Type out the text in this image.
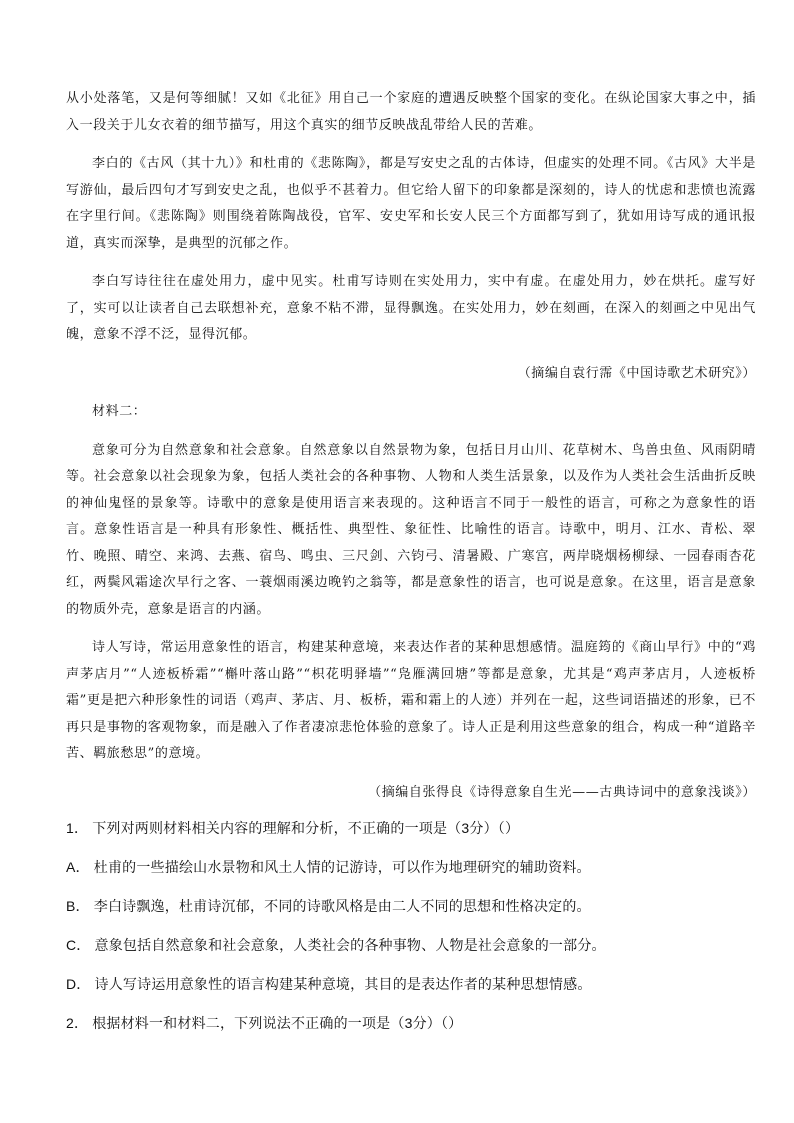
从小处落笔，又是何等细腻！又如《北征》用自己一个家庭的遭遇反映整个国家的变化。在纵论国家大事之中，插入一段关于儿女衣着的细节描写，用这个真实的细节反映战乱带给人民的苦难。

李白的《古风（其十九）》和杜甫的《悲陈陶》，都是写安史之乱的古体诗，但虚实的处理不同。《古风》大半是写游仙，最后四句才写到安史之乱，也似乎不甚着力。但它给人留下的印象都是深刻的，诗人的忧虑和悲愤也流露在字里行间。《悲陈陶》则围绕着陈陶战役，官军、安史军和长安人民三个方面都写到了，犹如用诗写成的通讯报道，真实而深挚，是典型的沉郁之作。

李白写诗往往在虚处用力，虚中见实。杜甫写诗则在实处用力，实中有虚。在虚处用力，妙在烘托。虚写好了，实可以让读者自己去联想补充，意象不粘不滞，显得飘逸。在实处用力，妙在刻画，在深入的刻画之中见出气魄，意象不浮不泛，显得沉郁。

（摘编自袁行霈《中国诗歌艺术研究》）

材料二：

意象可分为自然意象和社会意象。自然意象以自然景物为象，包括日月山川、花草树木、鸟兽虫鱼、风雨阴晴等。社会意象以社会现象为象，包括人类社会的各种事物、人物和人类生活景象，以及作为人类社会生活曲折反映的神仙鬼怪的景象等。诗歌中的意象是使用语言来表现的。这种语言不同于一般性的语言，可称之为意象性的语言。意象性语言是一种具有形象性、概括性、典型性、象征性、比喻性的语言。诗歌中，明月、江水、青松、翠竹、晚照、晴空、来鸿、去燕、宿鸟、鸣虫、三尺剑、六钧弓、清暑殿、广寒宫，两岸晓烟杨柳绿、一园春雨杏花红，两鬓风霜途次早行之客、一蓑烟雨溪边晚钓之翁等，都是意象性的语言，也可说是意象。在这里，语言是意象的物质外壳，意象是语言的内涵。

诗人写诗，常运用意象性的语言，构建某种意境，来表达作者的某种思想感情。温庭筠的《商山早行》中的“鸡声茅店月”“人迹板桥霜”“槲叶落山路”“枳花明驿墙”“凫雁满回塘”等都是意象，尤其是“鸡声茅店月，人迹板桥霜”更是把六种形象性的词语（鸡声、茅店、月、板桥，霜和霜上的人迹）并列在一起，这些词语描述的形象，已不再只是事物的客观物象，而是融入了作者凄凉悲怆体验的意象了。诗人正是利用这些意象的组合，构成一种“道路辛苦、羁旅愁思”的意境。

（摘编自张得良《诗得意象自生光——古典诗词中的意象浅谈》）

1． 下列对两则材料相关内容的理解和分析，不正确的一项是（3分）（）
A． 杜甫的一些描绘山水景物和风土人情的记游诗，可以作为地理研究的辅助资料。
B． 李白诗飘逸，杜甫诗沉郁，不同的诗歌风格是由二人不同的思想和性格决定的。
C． 意象包括自然意象和社会意象，人类社会的各种事物、人物是社会意象的一部分。
D． 诗人写诗运用意象性的语言构建某种意境，其目的是表达作者的某种思想情感。
2． 根据材料一和材料二，下列说法不正确的一项是（3分）（）
